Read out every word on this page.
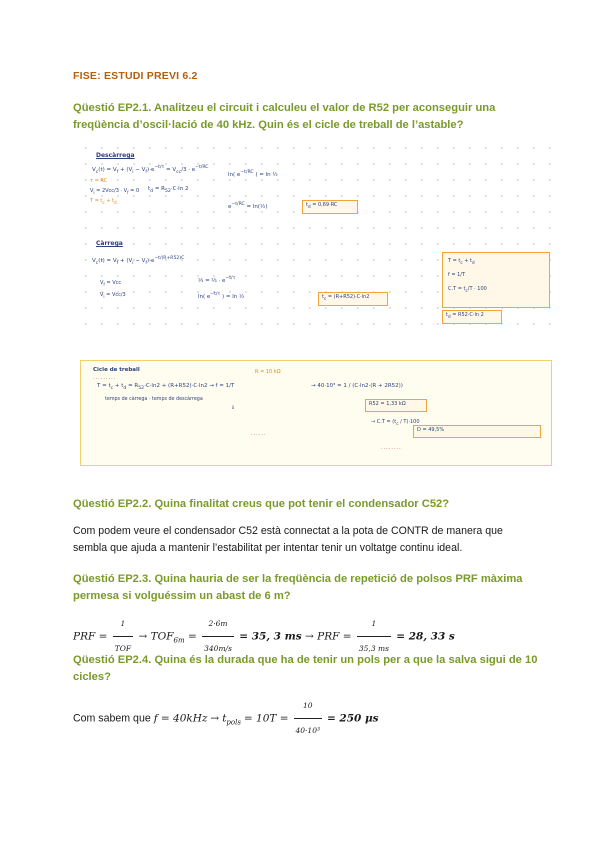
FISE: ESTUDI PREVI 6.2
Qüestió EP2.1. Analitzeu el circuit i calculeu el valor de R52 per aconseguir una freqüència d’oscil·lació de 40 kHz. Quin és el cicle de treball de l’astable?
Descàrrega
$V_c(t) = V_f + (V_i - V_f)\cdot e^{-t/\tau} = V_{cc}/3 \cdot e^{-t/RC}$
τ = RC
$V_i = 2Vcc/3 \cdot V_f = 0$
$T = t_c + t_d$
$t_d = R_{52}\cdot C\cdot\ln$ 2
ln( $e^{-t/RC}$ ) = ln ½
$e^{-t/RC}$ = ln(½)	$t_d = 0,69\cdot RC$
Càrrega
$V_c(t) = V_f + (V_i - V_f)\cdot e^{-t/(R+R52)C}$
$V_f$ = Vcc
$V_i = Vcc/3$
⅓ = ⅔ · $e^{-t/\tau}$
ln( $e^{-t/\tau}$ ) = ln ½	$t_c = (R+R52)\cdot C\cdot\ln 2$
$T = t_c + t_d$
f = 1/T
$C.T = t_c/T \cdot 100$
$t_d = R52\cdot C\cdot\ln$ 2
Cicle de treball
.........
$T = t_c + t_d = R_{52}\cdot C\cdot\ln 2 + (R+R52)\cdot C\cdot\ln 2 \to f = 1/T$	→ 40·10³ = 1 / (C·ln2·(R + 2R52))
temps de càrrega · temps de descàrrega
R = 10 kΩ
⇓
R52 = 1,33 kΩ
→ $C.T = (t_c / T)\cdot 100$
D = 49,5%
......
........
Qüestió EP2.2. Quina finalitat creus que pot tenir el condensador C52?
Com podem veure el condensador C52 està connectat a la pota de CONTR de manera que sembla que ajuda a mantenir l’estabilitat per intentar tenir un voltatge continu ideal.
Qüestió EP2.3. Quina hauria de ser la freqüència de repetició de polsos PRF màxima permesa si volguéssim un abast de 6 m?
PRF = $\frac{1}{\text{TOF}} \to TOF_{6m} = \frac{2\cdot 6m}{340m/s} = 35$, 3 ms → PRF = $\frac{1}{35,3 ms} = 28$, 33 s
Qüestió EP2.4. Quina és la durada que ha de tenir un pols per a que la salva sigui de 10 cicles?
Com sabem que $f = 40kHz \to t_{pols} = 10T = \frac{10}{\text{40·10³}} = 250$ μs
